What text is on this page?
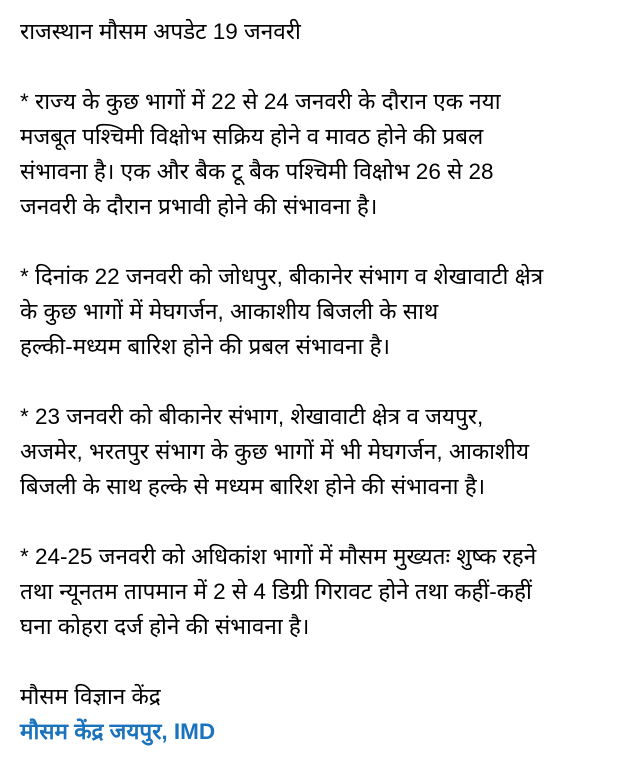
राजस्थान मौसम अपडेट 19 जनवरी
* राज्य के कुछ भागों में 22 से 24 जनवरी के दौरान एक नया
मजबूत पश्चिमी विक्षोभ सक्रिय होने व मावठ होने की प्रबल
संभावना है। एक और बैक टू बैक पश्चिमी विक्षोभ 26 से 28
जनवरी के दौरान प्रभावी होने की संभावना है।
* दिनांक 22 जनवरी को जोधपुर, बीकानेर संभाग व शेखावाटी क्षेत्र
के कुछ भागों में मेघगर्जन, आकाशीय बिजली के साथ
हल्की-मध्यम बारिश होने की प्रबल संभावना है।
* 23 जनवरी को बीकानेर संभाग, शेखावाटी क्षेत्र व जयपुर,
अजमेर, भरतपुर संभाग के कुछ भागों में भी मेघगर्जन, आकाशीय
बिजली के साथ हल्के से मध्यम बारिश होने की संभावना है।
* 24-25 जनवरी को अधिकांश भागों में मौसम मुख्यतः शुष्क रहने
तथा न्यूनतम तापमान में 2 से 4 डिग्री गिरावट होने तथा कहीं-कहीं
घना कोहरा दर्ज होने की संभावना है।
मौसम विज्ञान केंद्र
मौसम केंद्र जयपुर, IMD
